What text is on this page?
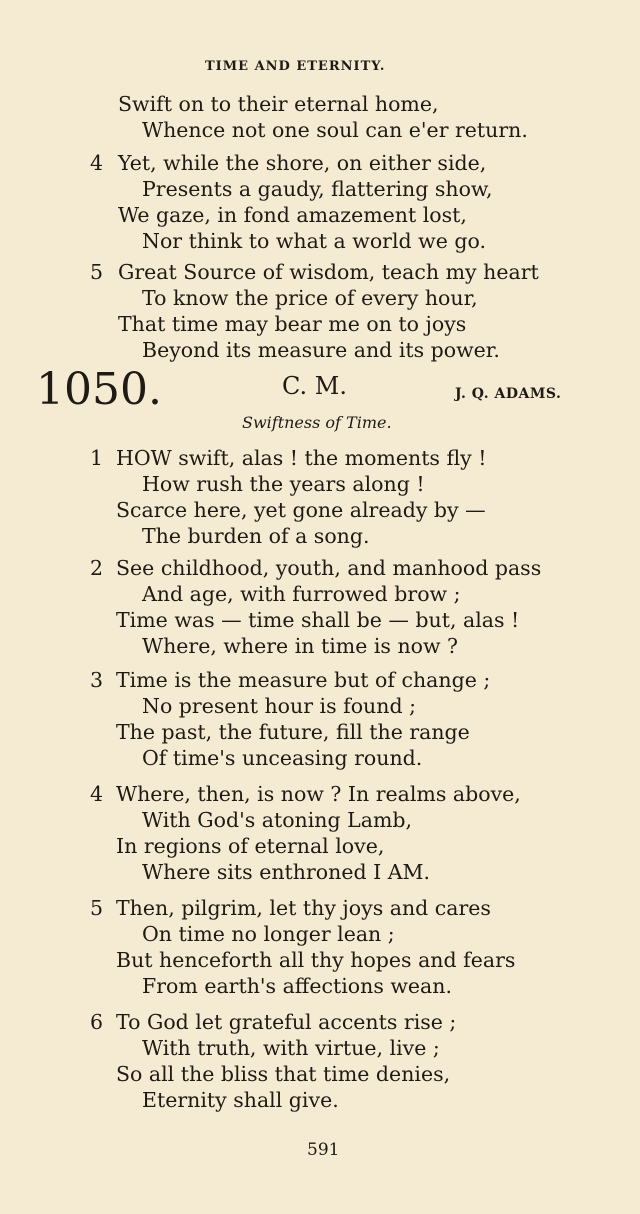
TIME AND ETERNITY.
Swift on to their eternal home,
Whence not one soul can e'er return.
4 Yet, while the shore, on either side,
Presents a gaudy, flattering show,
We gaze, in fond amazement lost,
Nor think to what a world we go.
5 Great Source of wisdom, teach my heart
To know the price of every hour,
That time may bear me on to joys
Beyond its measure and its power.
1050.	C. M.	J. Q. ADAMS.
Swiftness of Time.
1 HOW swift, alas ! the moments fly !
How rush the years along !
Scarce here, yet gone already by —
The burden of a song.
2 See childhood, youth, and manhood pass
And age, with furrowed brow ;
Time was — time shall be — but, alas !
Where, where in time is now ?
3 Time is the measure but of change ;
No present hour is found ;
The past, the future, fill the range
Of time's unceasing round.
4 Where, then, is now ? In realms above,
With God's atoning Lamb,
In regions of eternal love,
Where sits enthroned I AM.
5 Then, pilgrim, let thy joys and cares
On time no longer lean ;
But henceforth all thy hopes and fears
From earth's affections wean.
6 To God let grateful accents rise ;
With truth, with virtue, live ;
So all the bliss that time denies,
Eternity shall give.
591
